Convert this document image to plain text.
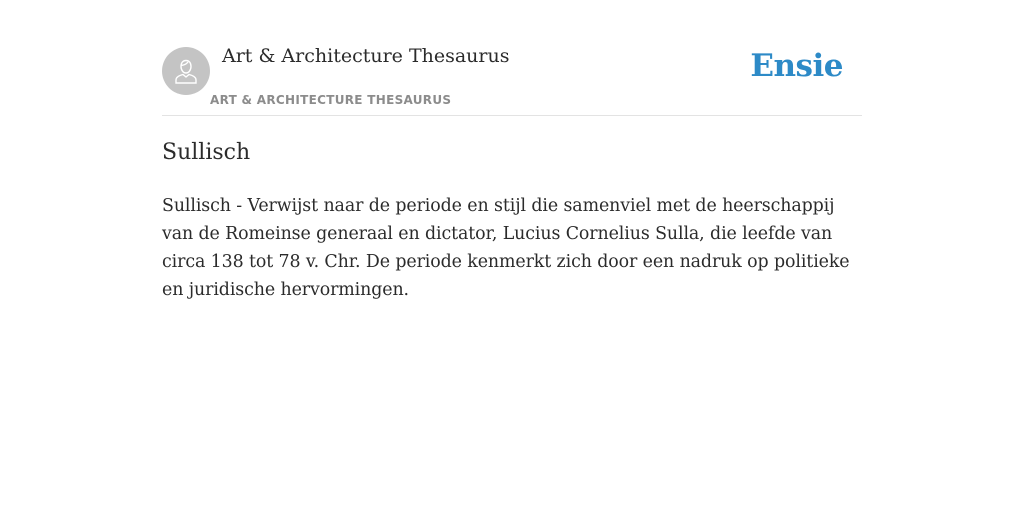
Art & Architecture Thesaurus
ART & ARCHITECTURE THESAURUS
Ensie
Sullisch

Sullisch - Verwijst naar de periode en stijl die samenviel met de heerschappij van de Romeinse generaal en dictator, Lucius Cornelius Sulla, die leefde van circa 138 tot 78 v. Chr. De periode kenmerkt zich door een nadruk op politieke en juridische hervormingen.
